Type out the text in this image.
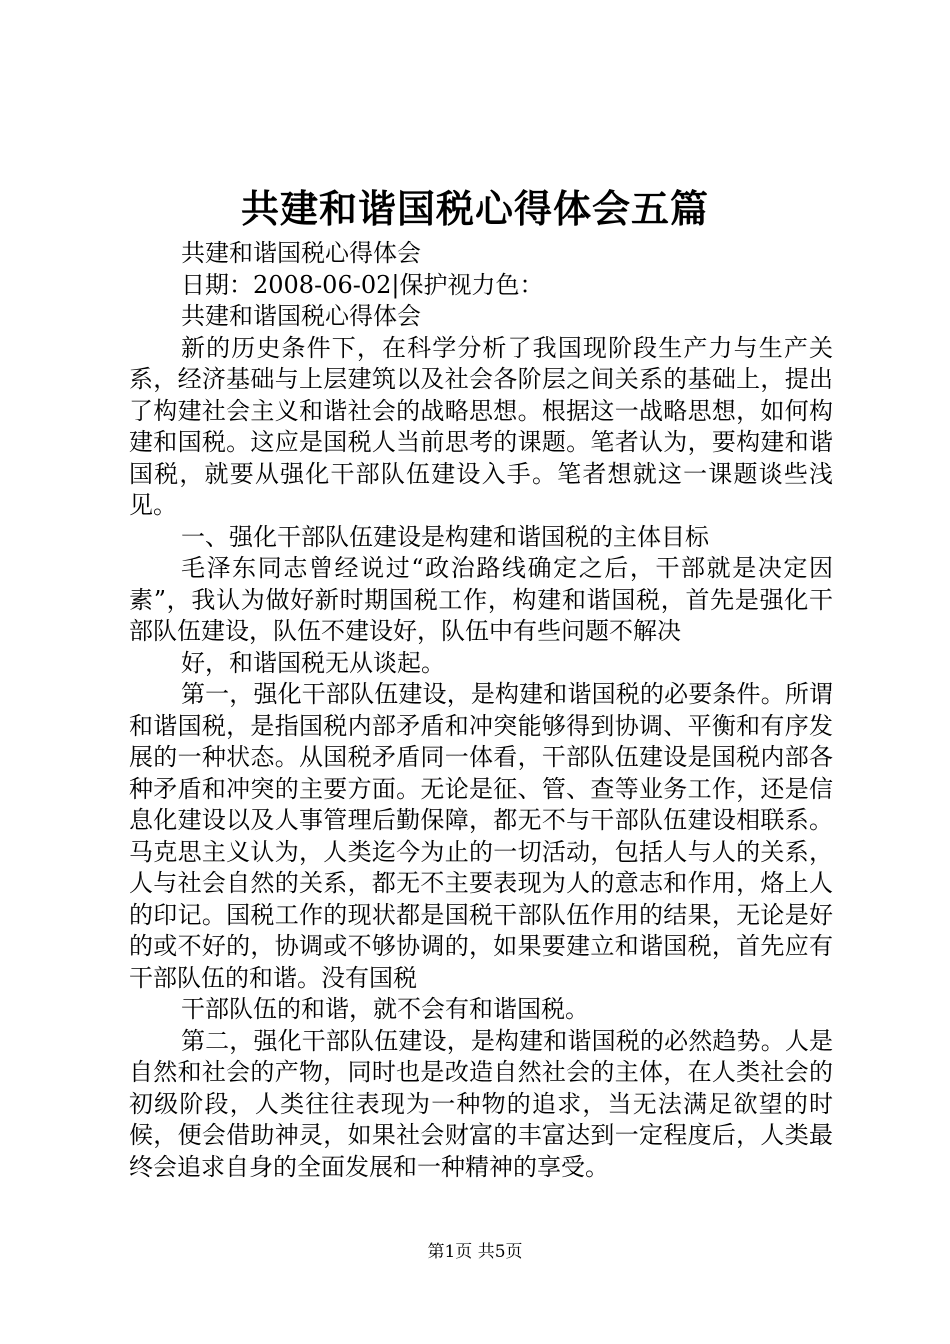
共建和谐国税心得体会五篇

共建和谐国税心得体会

日期：2008-06-02|保护视力色：

共建和谐国税心得体会

新的历史条件下，在科学分析了我国现阶段生产力与生产关系，经济基础与上层建筑以及社会各阶层之间关系的基础上，提出了构建社会主义和谐社会的战略思想。根据这一战略思想，如何构建和国税。这应是国税人当前思考的课题。笔者认为，要构建和谐国税，就要从强化干部队伍建设入手。笔者想就这一课题谈些浅见。

一、强化干部队伍建设是构建和谐国税的主体目标

毛泽东同志曾经说过“政治路线确定之后，干部就是决定因素”，我认为做好新时期国税工作，构建和谐国税，首先是强化干部队伍建设，队伍不建设好，队伍中有些问题不解决

好，和谐国税无从谈起。

第一，强化干部队伍建设，是构建和谐国税的必要条件。所谓和谐国税，是指国税内部矛盾和冲突能够得到协调、平衡和有序发展的一种状态。从国税矛盾同一体看，干部队伍建设是国税内部各种矛盾和冲突的主要方面。无论是征、管、查等业务工作，还是信息化建设以及人事管理后勤保障，都无不与干部队伍建设相联系。马克思主义认为，人类迄今为止的一切活动，包括人与人的关系，人与社会自然的关系，都无不主要表现为人的意志和作用，烙上人的印记。国税工作的现状都是国税干部队伍作用的结果，无论是好的或不好的，协调或不够协调的，如果要建立和谐国税，首先应有干部队伍的和谐。没有国税

干部队伍的和谐，就不会有和谐国税。

第二，强化干部队伍建设，是构建和谐国税的必然趋势。人是自然和社会的产物，同时也是改造自然社会的主体，在人类社会的初级阶段，人类往往表现为一种物的追求，当无法满足欲望的时候，便会借助神灵，如果社会财富的丰富达到一定程度后，人类最终会追求自身的全面发展和一种精神的享受。

第1页 共5页
